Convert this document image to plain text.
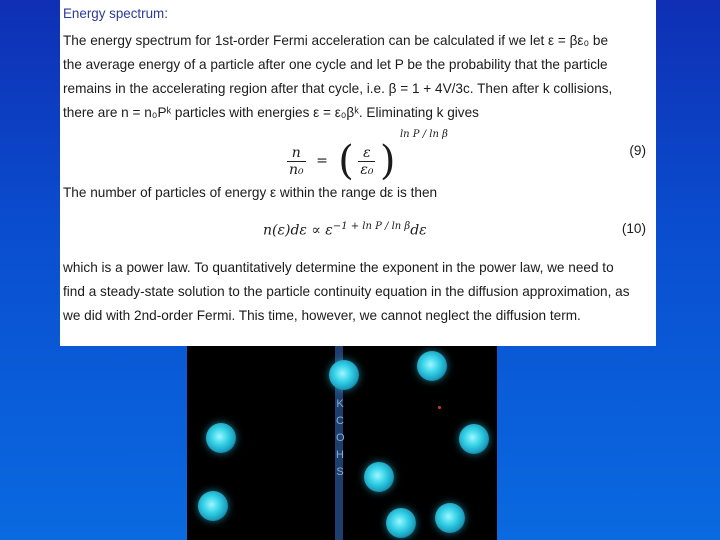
Energy spectrum:

The energy spectrum for 1st-order Fermi acceleration can be calculated if we let ε = βε₀ be
the average energy of a particle after one cycle and let P be the probability that the particle
remains in the accelerating region after that cycle, i.e. β = 1 + 4V/3c. Then after k collisions,
there are n = n₀Pᵏ particles with energies ε = ε₀βᵏ. Eliminating k gives
$\frac{n}{\text{n₀}}$ = ( $\frac{\varepsilon}{\text{ε₀}}$ ) $^{ln P / ln \beta}$
(9)
The number of particles of energy ε within the range dε is then
$n(\varepsilon)d\varepsilon \propto \varepsilon^{-1 + ln P / ln \beta}d\varepsilon$	(10)
which is a power law. To quantitatively determine the exponent in the power law, we need to
find a steady-state solution to the particle continuity equation in the diffusion approximation, as
we did with 2nd-order Fermi. This time, however, we cannot neglect the diffusion term.
K
C
O
H
S
